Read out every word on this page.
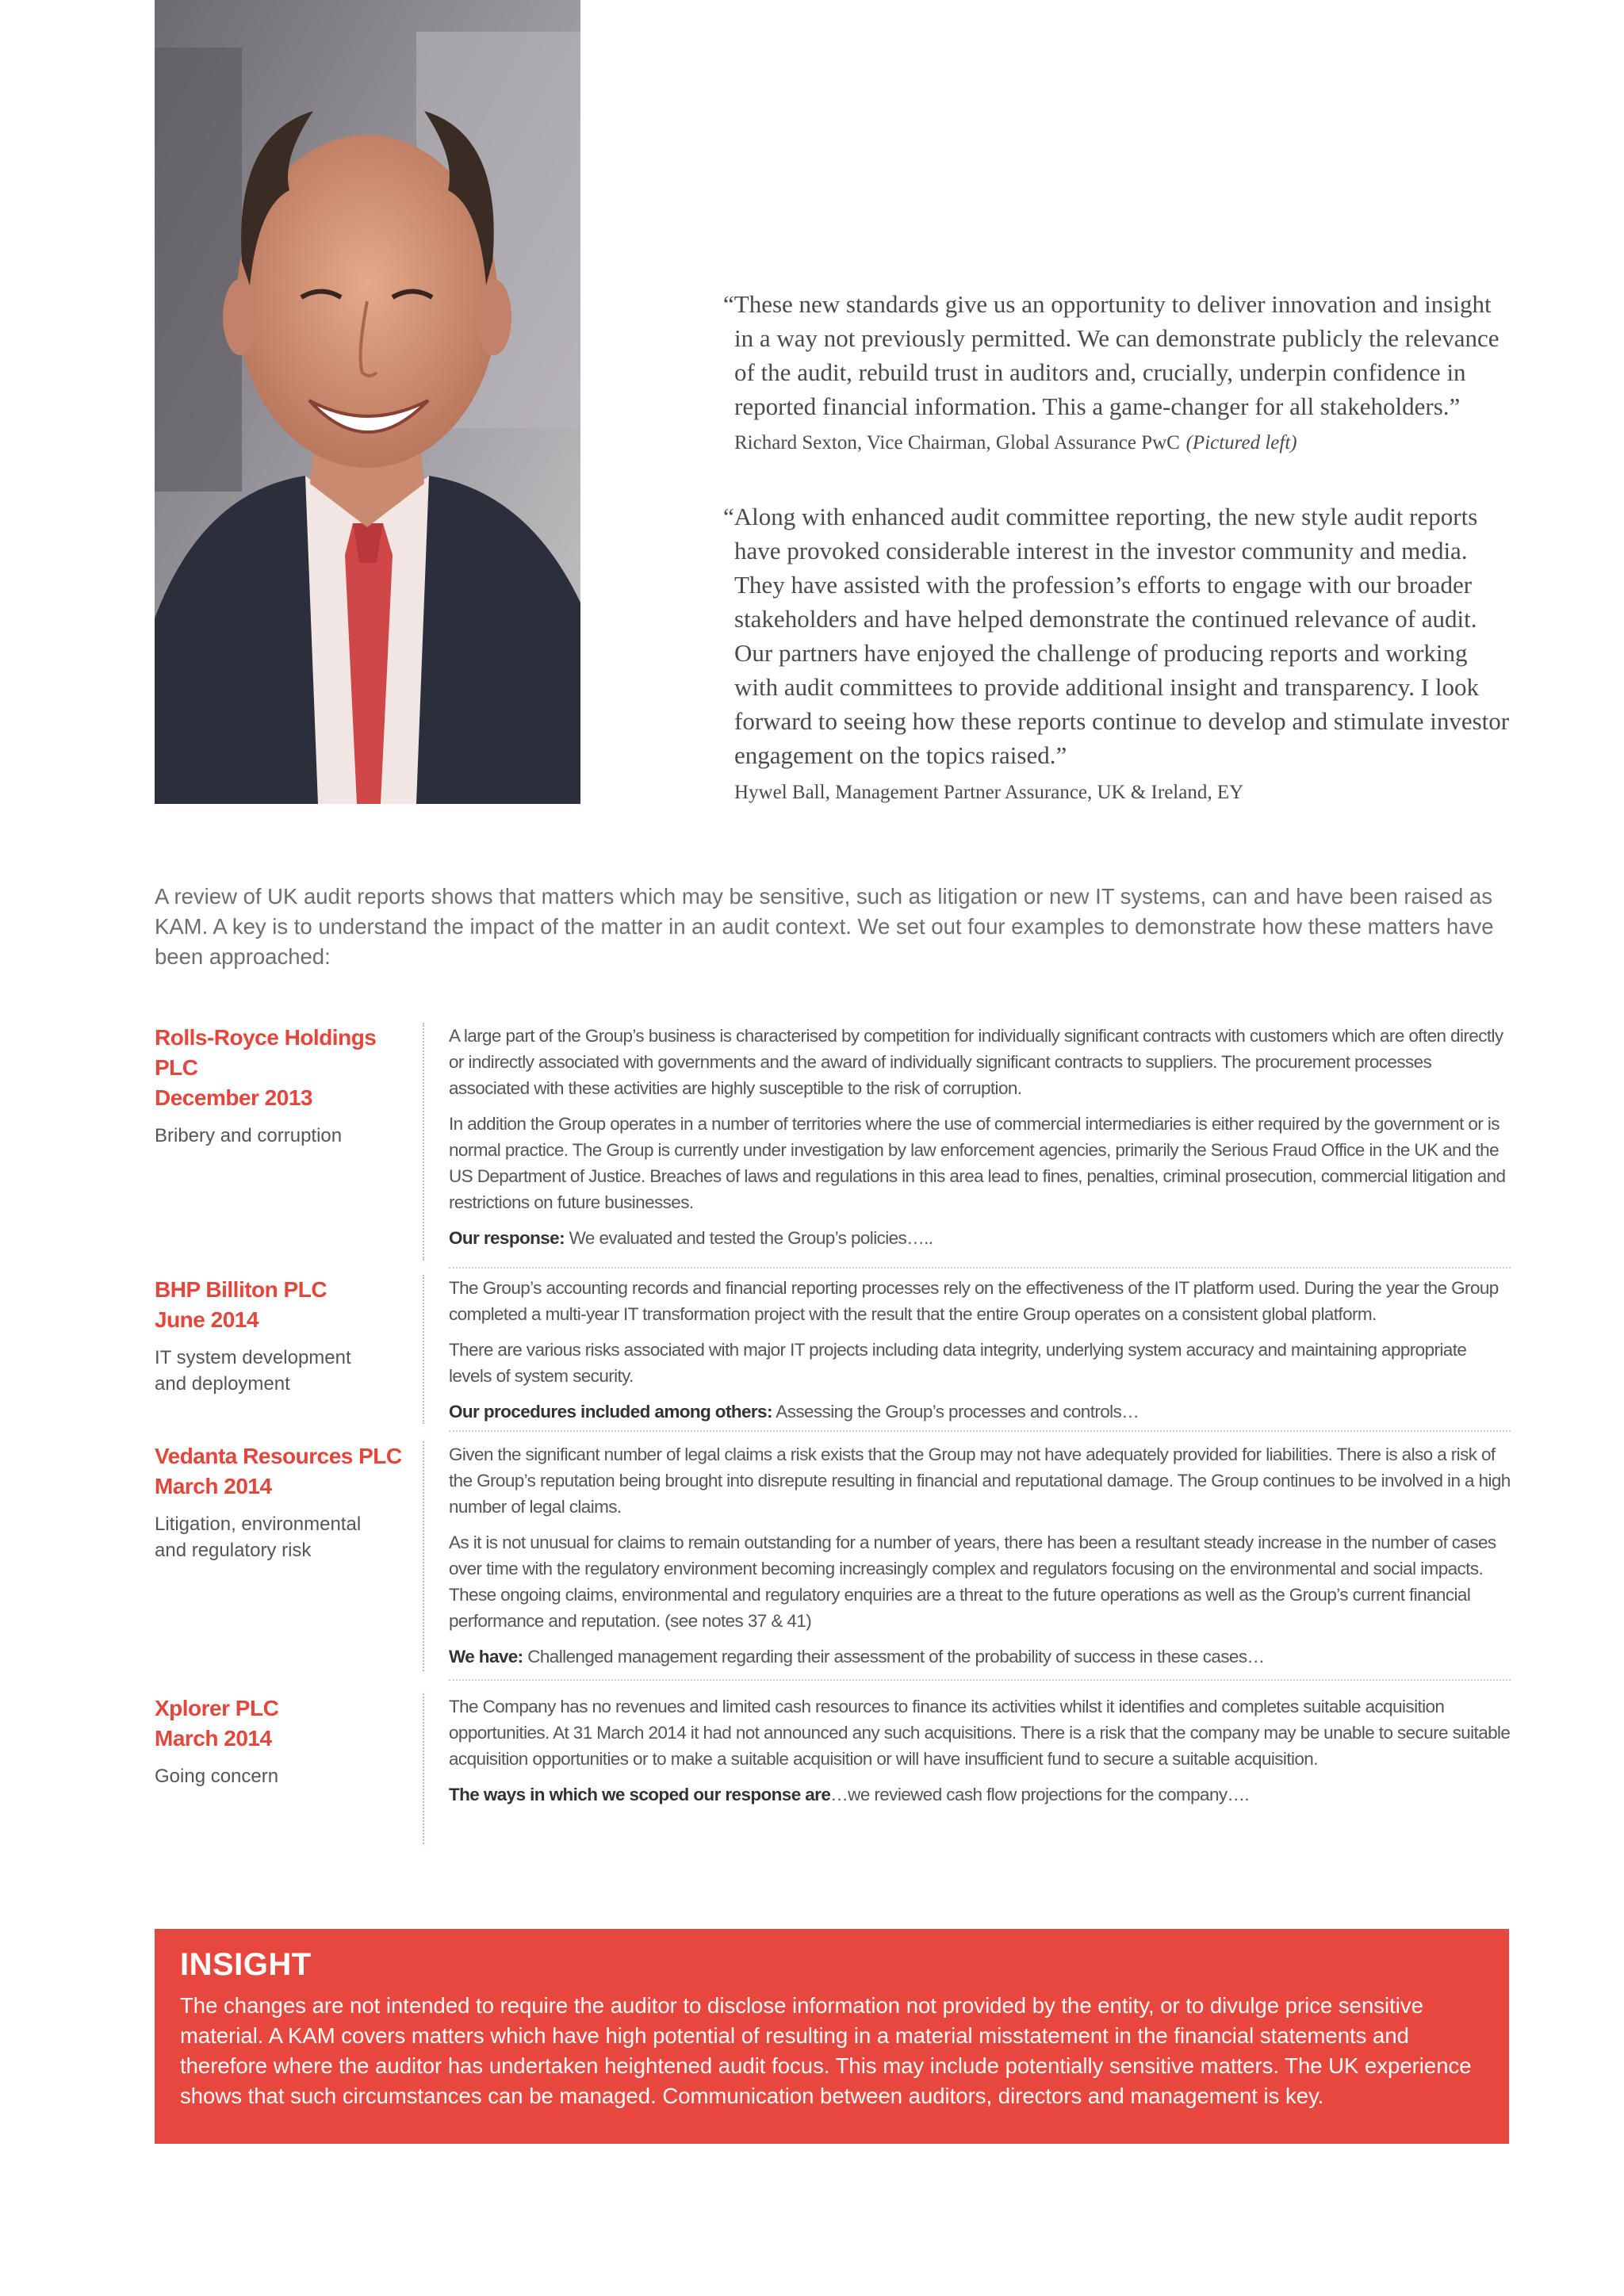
“These new standards give us an opportunity to deliver innovation and insight in a way not previously permitted. We can demonstrate publicly the relevance of the audit, rebuild trust in auditors and, crucially, underpin confidence in reported financial information. This a game-changer for all stakeholders.” Richard Sexton, Vice Chairman, Global Assurance PwC (Pictured left)

“Along with enhanced audit committee reporting, the new style audit reports have provoked considerable interest in the investor community and media. They have assisted with the profession’s efforts to engage with our broader stakeholders and have helped demonstrate the continued relevance of audit. Our partners have enjoyed the challenge of producing reports and working with audit committees to provide additional insight and transparency. I look forward to seeing how these reports continue to develop and stimulate investor engagement on the topics raised.”
Hywel Ball, Management Partner Assurance, UK & Ireland, EY

A review of UK audit reports shows that matters which may be sensitive, such as litigation or new IT systems, can and have been raised as KAM. A key is to understand the impact of the matter in an audit context. We set out four examples to demonstrate how these matters have been approached:
Rolls-Royce Holdings PLC
December 2013
Bribery and corruption

A large part of the Group’s business is characterised by competition for individually significant contracts with customers which are often directly or indirectly associated with governments and the award of individually significant contracts to suppliers. The procurement processes associated with these activities are highly susceptible to the risk of corruption.

In addition the Group operates in a number of territories where the use of commercial intermediaries is either required by the government or is normal practice. The Group is currently under investigation by law enforcement agencies, primarily the Serious Fraud Office in the UK and the US Department of Justice. Breaches of laws and regulations in this area lead to fines, penalties, criminal prosecution, commercial litigation and restrictions on future businesses.

Our response: We evaluated and tested the Group’s policies…..

BHP Billiton PLC
June 2014
IT system development
and deployment

The Group’s accounting records and financial reporting processes rely on the effectiveness of the IT platform used. During the year the Group completed a multi-year IT transformation project with the result that the entire Group operates on a consistent global platform.

There are various risks associated with major IT projects including data integrity, underlying system accuracy and maintaining appropriate levels of system security.

Our procedures included among others: Assessing the Group’s processes and controls…

Vedanta Resources PLC
March 2014
Litigation, environmental
and regulatory risk

Given the significant number of legal claims a risk exists that the Group may not have adequately provided for liabilities. There is also a risk of the Group’s reputation being brought into disrepute resulting in financial and reputational damage. The Group continues to be involved in a high number of legal claims.

As it is not unusual for claims to remain outstanding for a number of years, there has been a resultant steady increase in the number of cases over time with the regulatory environment becoming increasingly complex and regulators focusing on the environmental and social impacts. These ongoing claims, environmental and regulatory enquiries are a threat to the future operations as well as the Group’s current financial performance and reputation. (see notes 37 & 41)

We have: Challenged management regarding their assessment of the probability of success in these cases…

Xplorer PLC
March 2014
Going concern

The Company has no revenues and limited cash resources to finance its activities whilst it identifies and completes suitable acquisition opportunities. At 31 March 2014 it had not announced any such acquisitions. There is a risk that the company may be unable to secure suitable acquisition opportunities or to make a suitable acquisition or will have insufficient fund to secure a suitable acquisition.

The ways in which we scoped our response are…we reviewed cash flow projections for the company….

INSIGHT

The changes are not intended to require the auditor to disclose information not provided by the entity, or to divulge price sensitive material. A KAM covers matters which have high potential of resulting in a material misstatement in the financial statements and therefore where the auditor has undertaken heightened audit focus. This may include potentially sensitive matters. The UK experience shows that such circumstances can be managed. Communication between auditors, directors and management is key.
